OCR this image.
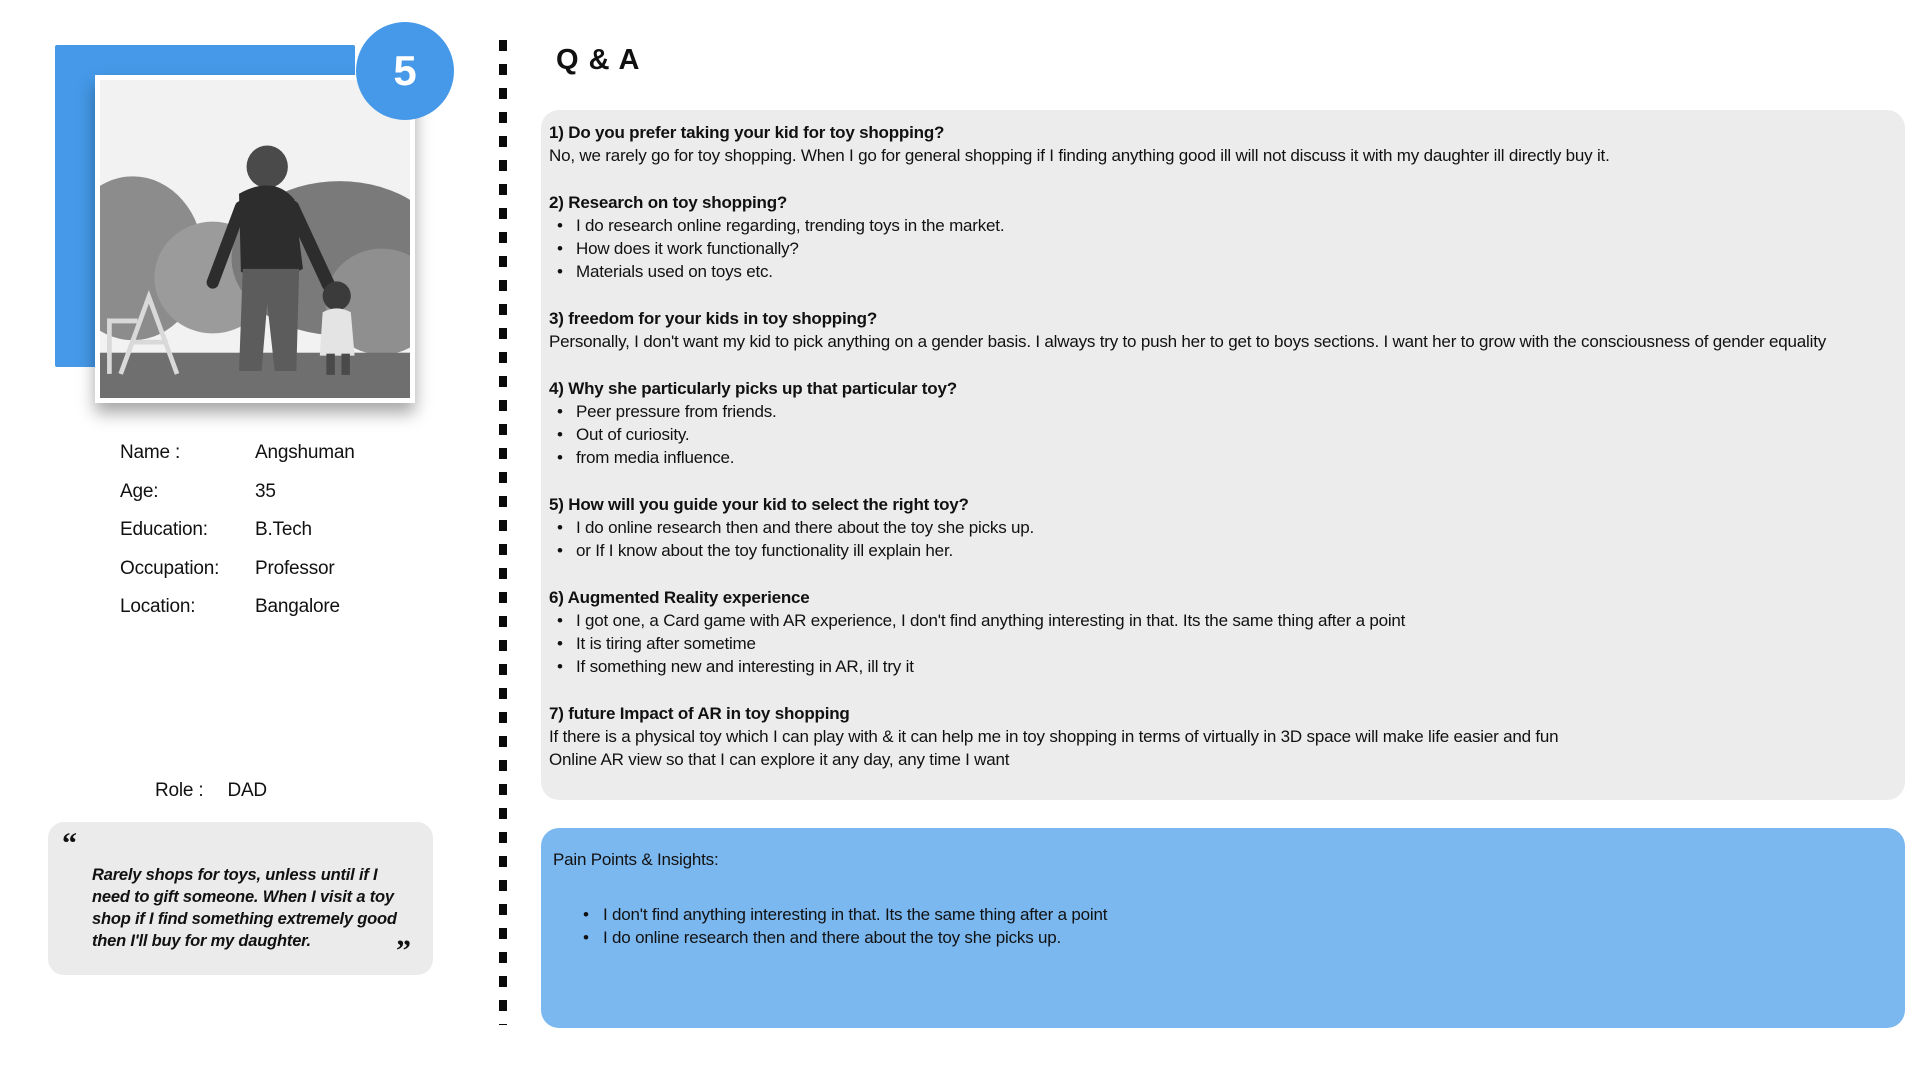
5
Name :	Angshuman
Age:	35
Education:	B.Tech
Occupation:	Professor
Location:	Bangalore
Role : DAD
“

Rarely shops for toys, unless until if I need to gift someone. When I visit a toy shop if I find something extremely good then I'll buy for my daughter.	”
Q & A
1) Do you prefer taking your kid for toy shopping?
No, we rarely go for toy shopping. When I go for general shopping if I finding anything good ill will not discuss it with my daughter ill directly buy it.
2) Research on toy shopping?
• I do research online regarding, trending toys in the market.
• How does it work functionally?
• Materials used on toys etc.
3) freedom for your kids in toy shopping?
Personally, I don't want my kid to pick anything on a gender basis. I always try to push her to get to boys sections. I want her to grow with the consciousness of gender equality
4) Why she particularly picks up that particular toy?
• Peer pressure from friends.
• Out of curiosity.
• from media influence.
5) How will you guide your kid to select the right toy?
• I do online research then and there about the toy she picks up.
• or If I know about the toy functionality ill explain her.
6) Augmented Reality experience
• I got one, a Card game with AR experience, I don't find anything interesting in that. Its the same thing after a point
• It is tiring after sometime
• If something new and interesting in AR, ill try it
7) future Impact of AR in toy shopping
If there is a physical toy which I can play with & it can help me in toy shopping in terms of virtually in 3D space will make life easier and fun
Online AR view so that I can explore it any day, any time I want
Pain Points & Insights:
• I don't find anything interesting in that. Its the same thing after a point
• I do online research then and there about the toy she picks up.
